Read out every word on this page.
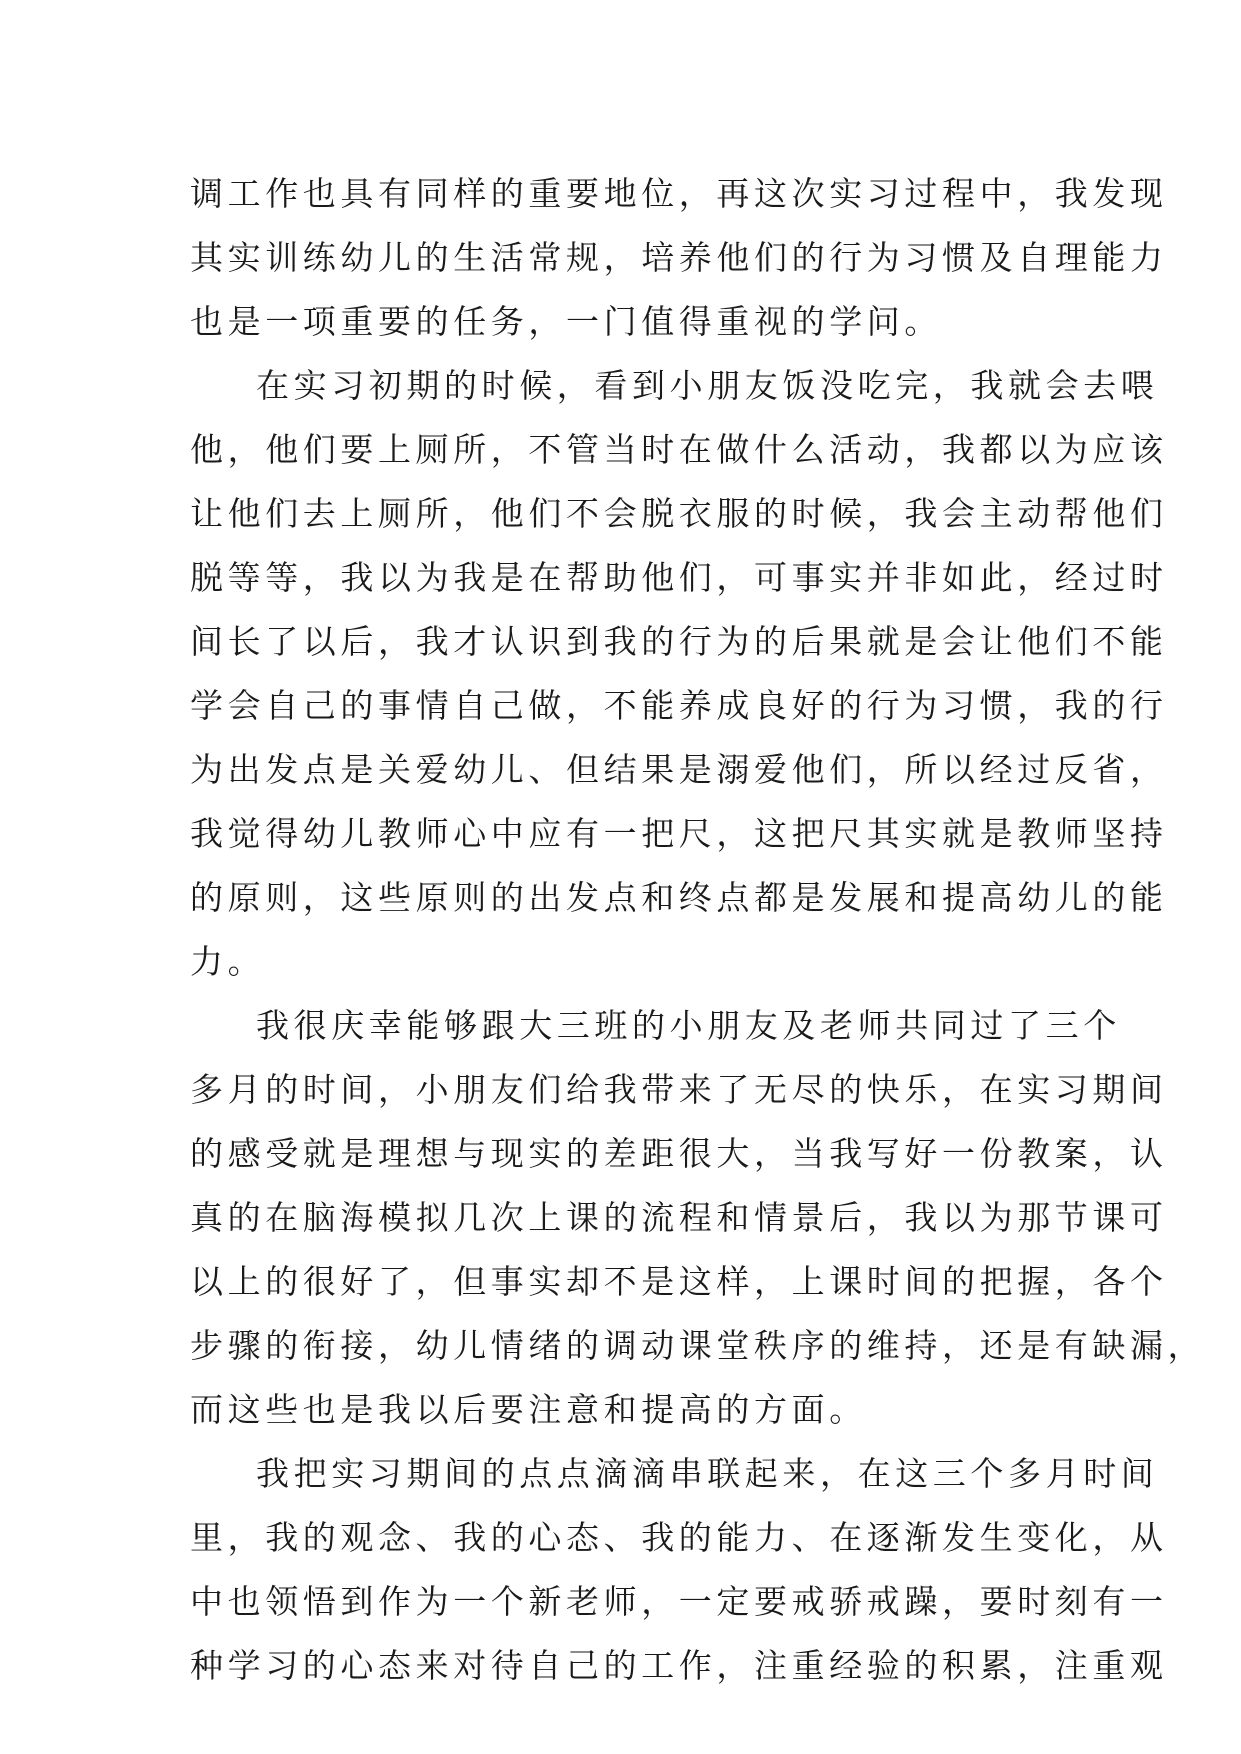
调工作也具有同样的重要地位，再这次实习过程中，我发现
其实训练幼儿的生活常规，培养他们的行为习惯及自理能力
也是一项重要的任务，一门值得重视的学问。
在实习初期的时候，看到小朋友饭没吃完，我就会去喂
他，他们要上厕所，不管当时在做什么活动，我都以为应该
让他们去上厕所，他们不会脱衣服的时候，我会主动帮他们
脱等等，我以为我是在帮助他们，可事实并非如此，经过时
间长了以后，我才认识到我的行为的后果就是会让他们不能
学会自己的事情自己做，不能养成良好的行为习惯，我的行
为出发点是关爱幼儿、但结果是溺爱他们，所以经过反省，
我觉得幼儿教师心中应有一把尺，这把尺其实就是教师坚持
的原则，这些原则的出发点和终点都是发展和提高幼儿的能
力。
我很庆幸能够跟大三班的小朋友及老师共同过了三个
多月的时间，小朋友们给我带来了无尽的快乐，在实习期间
的感受就是理想与现实的差距很大，当我写好一份教案，认
真的在脑海模拟几次上课的流程和情景后，我以为那节课可
以上的很好了，但事实却不是这样，上课时间的把握，各个
步骤的衔接，幼儿情绪的调动课堂秩序的维持，还是有缺漏，
而这些也是我以后要注意和提高的方面。
我把实习期间的点点滴滴串联起来，在这三个多月时间
里，我的观念、我的心态、我的能力、在逐渐发生变化，从
中也领悟到作为一个新老师，一定要戒骄戒躁，要时刻有一
种学习的心态来对待自己的工作，注重经验的积累，注重观
